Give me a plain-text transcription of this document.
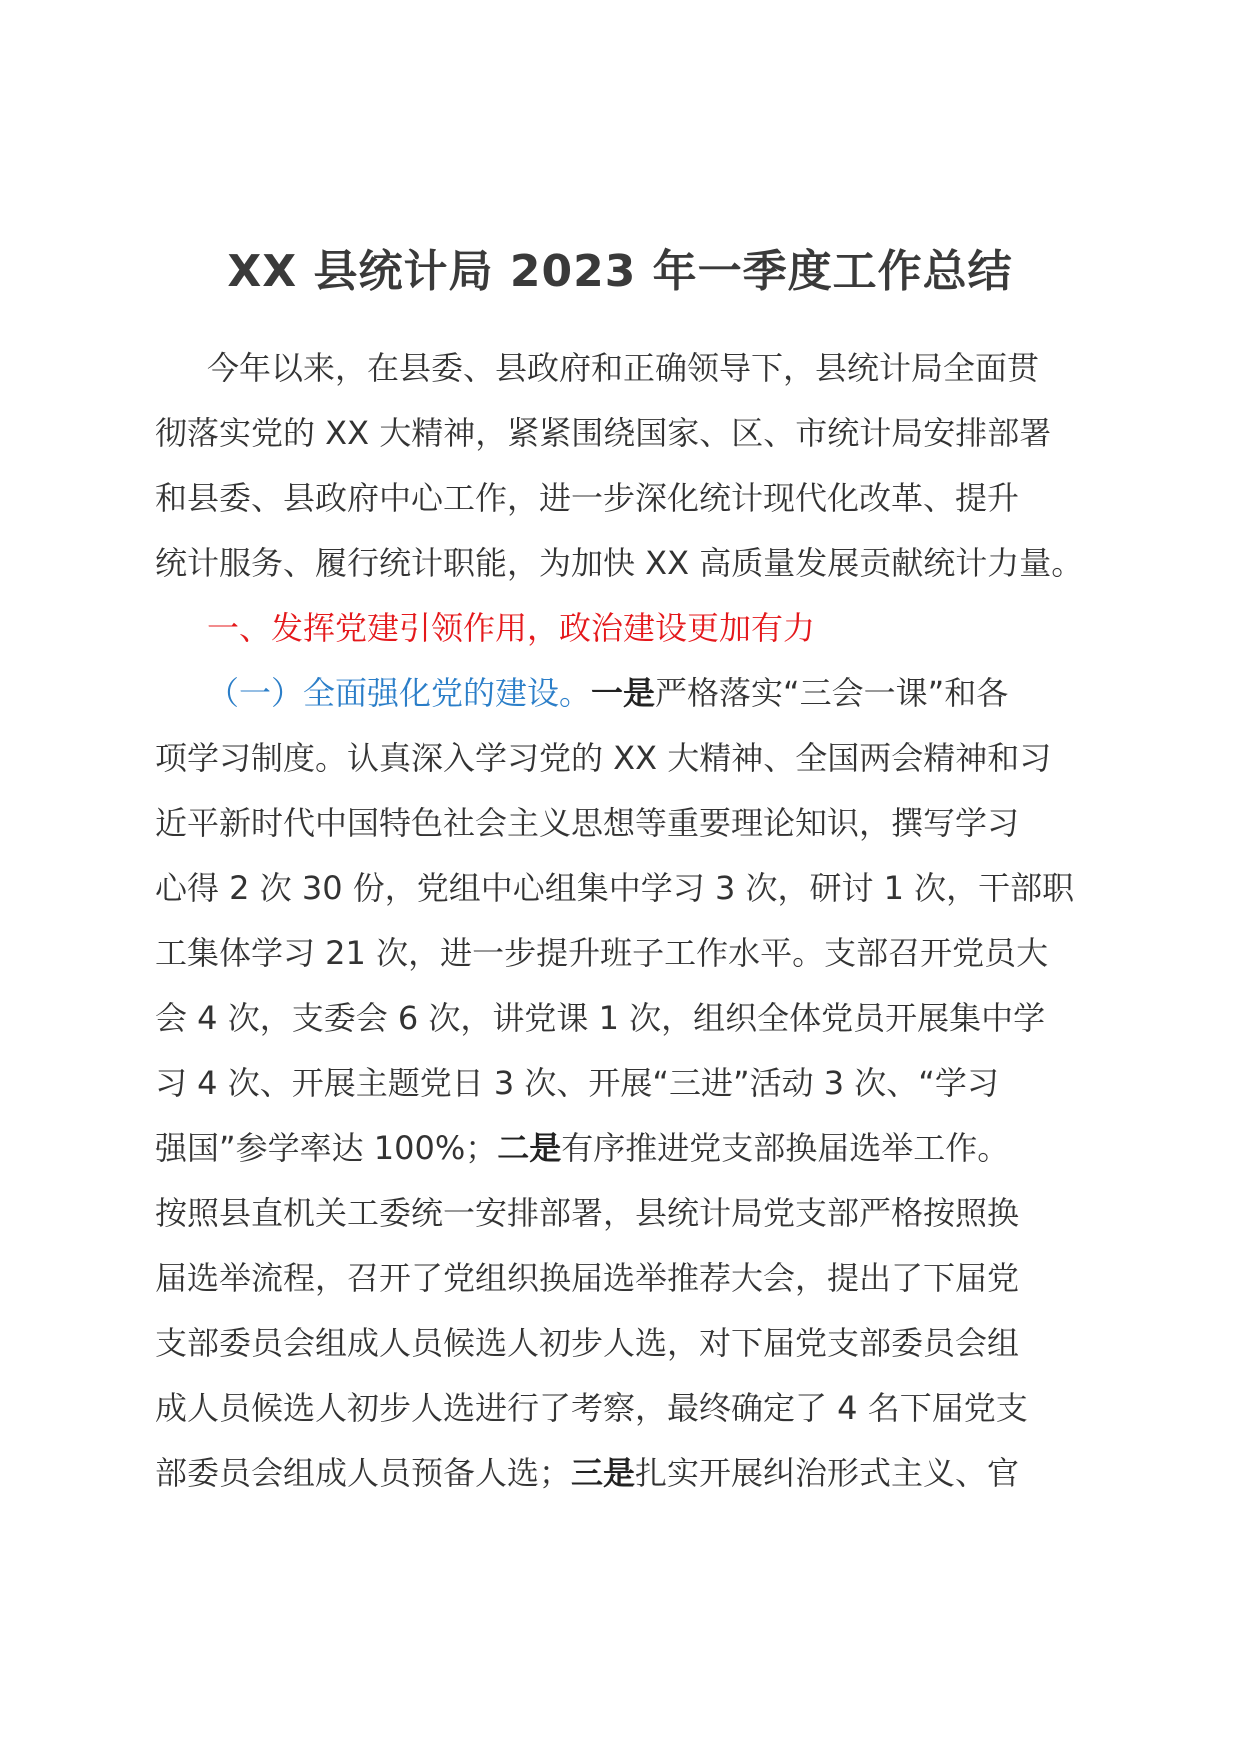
XX 县统计局 2023 年一季度工作总结
今年以来，在县委、县政府和正确领导下，县统计局全面贯
彻落实党的 XX 大精神，紧紧围绕国家、区、市统计局安排部署
和县委、县政府中心工作，进一步深化统计现代化改革、提升
统计服务、履行统计职能，为加快 XX 高质量发展贡献统计力量。
一、发挥党建引领作用，政治建设更加有力
（一）全面强化党的建设。一是严格落实“三会一课”和各
项学习制度。认真深入学习党的 XX 大精神、全国两会精神和习
近平新时代中国特色社会主义思想等重要理论知识，撰写学习
心得 2 次 30 份，党组中心组集中学习 3 次，研讨 1 次，干部职
工集体学习 21 次，进一步提升班子工作水平。支部召开党员大
会 4 次，支委会 6 次，讲党课 1 次，组织全体党员开展集中学
习 4 次、开展主题党日 3 次、开展“三进”活动 3 次、“学习
强国”参学率达 100%；二是有序推进党支部换届选举工作。
按照县直机关工委统一安排部署，县统计局党支部严格按照换
届选举流程，召开了党组织换届选举推荐大会，提出了下届党
支部委员会组成人员候选人初步人选，对下届党支部委员会组
成人员候选人初步人选进行了考察，最终确定了 4 名下届党支
部委员会组成人员预备人选；三是扎实开展纠治形式主义、官
